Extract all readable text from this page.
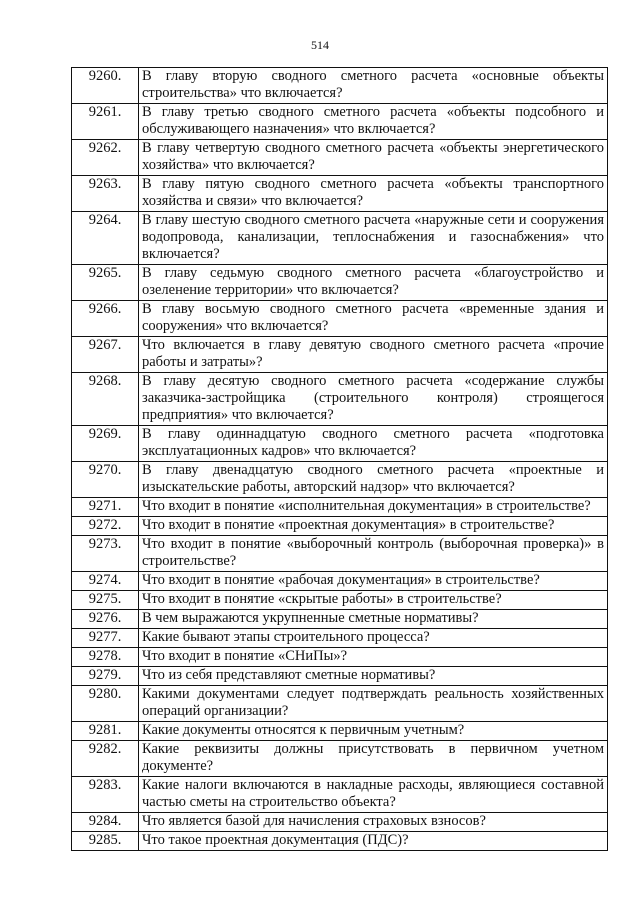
514
9260.	В главу вторую сводного сметного расчета «основные объекты строительства» что включается?
9261.	В главу третью сводного сметного расчета «объекты подсобного и обслуживающего назначения» что включается?
9262.	В главу четвертую сводного сметного расчета «объекты энергетического хозяйства» что включается?
9263.	В главу пятую сводного сметного расчета «объекты транспортного хозяйства и связи» что включается?
9264.	В главу шестую сводного сметного расчета «наружные сети и сооружения водопровода, канализации, теплоснабжения и газоснабжения» что включается?
9265.	В главу седьмую сводного сметного расчета «благоустройство и озеленение территории» что включается?
9266.	В главу восьмую сводного сметного расчета «временные здания и сооружения» что включается?
9267.	Что включается в главу девятую сводного сметного расчета «прочие работы и затраты»?
9268.	В главу десятую сводного сметного расчета «содержание службы заказчика-застройщика (строительного контроля) строящегося предприятия» что включается?
9269.	В главу одиннадцатую сводного сметного расчета «подготовка эксплуатационных кадров» что включается?
9270.	В главу двенадцатую сводного сметного расчета «проектные и изыскательские работы, авторский надзор» что включается?
9271.	Что входит в понятие «исполнительная документация» в строительстве?
9272.	Что входит в понятие «проектная документация» в строительстве?
9273.	Что входит в понятие «выборочный контроль (выборочная проверка)» в строительстве?
9274.	Что входит в понятие «рабочая документация» в строительстве?
9275.	Что входит в понятие «скрытые работы» в строительстве?
9276.	В чем выражаются укрупненные сметные нормативы?
9277.	Какие бывают этапы строительного процесса?
9278.	Что входит в понятие «СНиПы»?
9279.	Что из себя представляют сметные нормативы?
9280.	Какими документами следует подтверждать реальность хозяйственных операций организации?
9281.	Какие документы относятся к первичным учетным?
9282.	Какие реквизиты должны присутствовать в первичном учетном документе?
9283.	Какие налоги включаются в накладные расходы, являющиеся составной частью сметы на строительство объекта?
9284.	Что является базой для начисления страховых взносов?
9285.	Что такое проектная документация (ПДС)?
